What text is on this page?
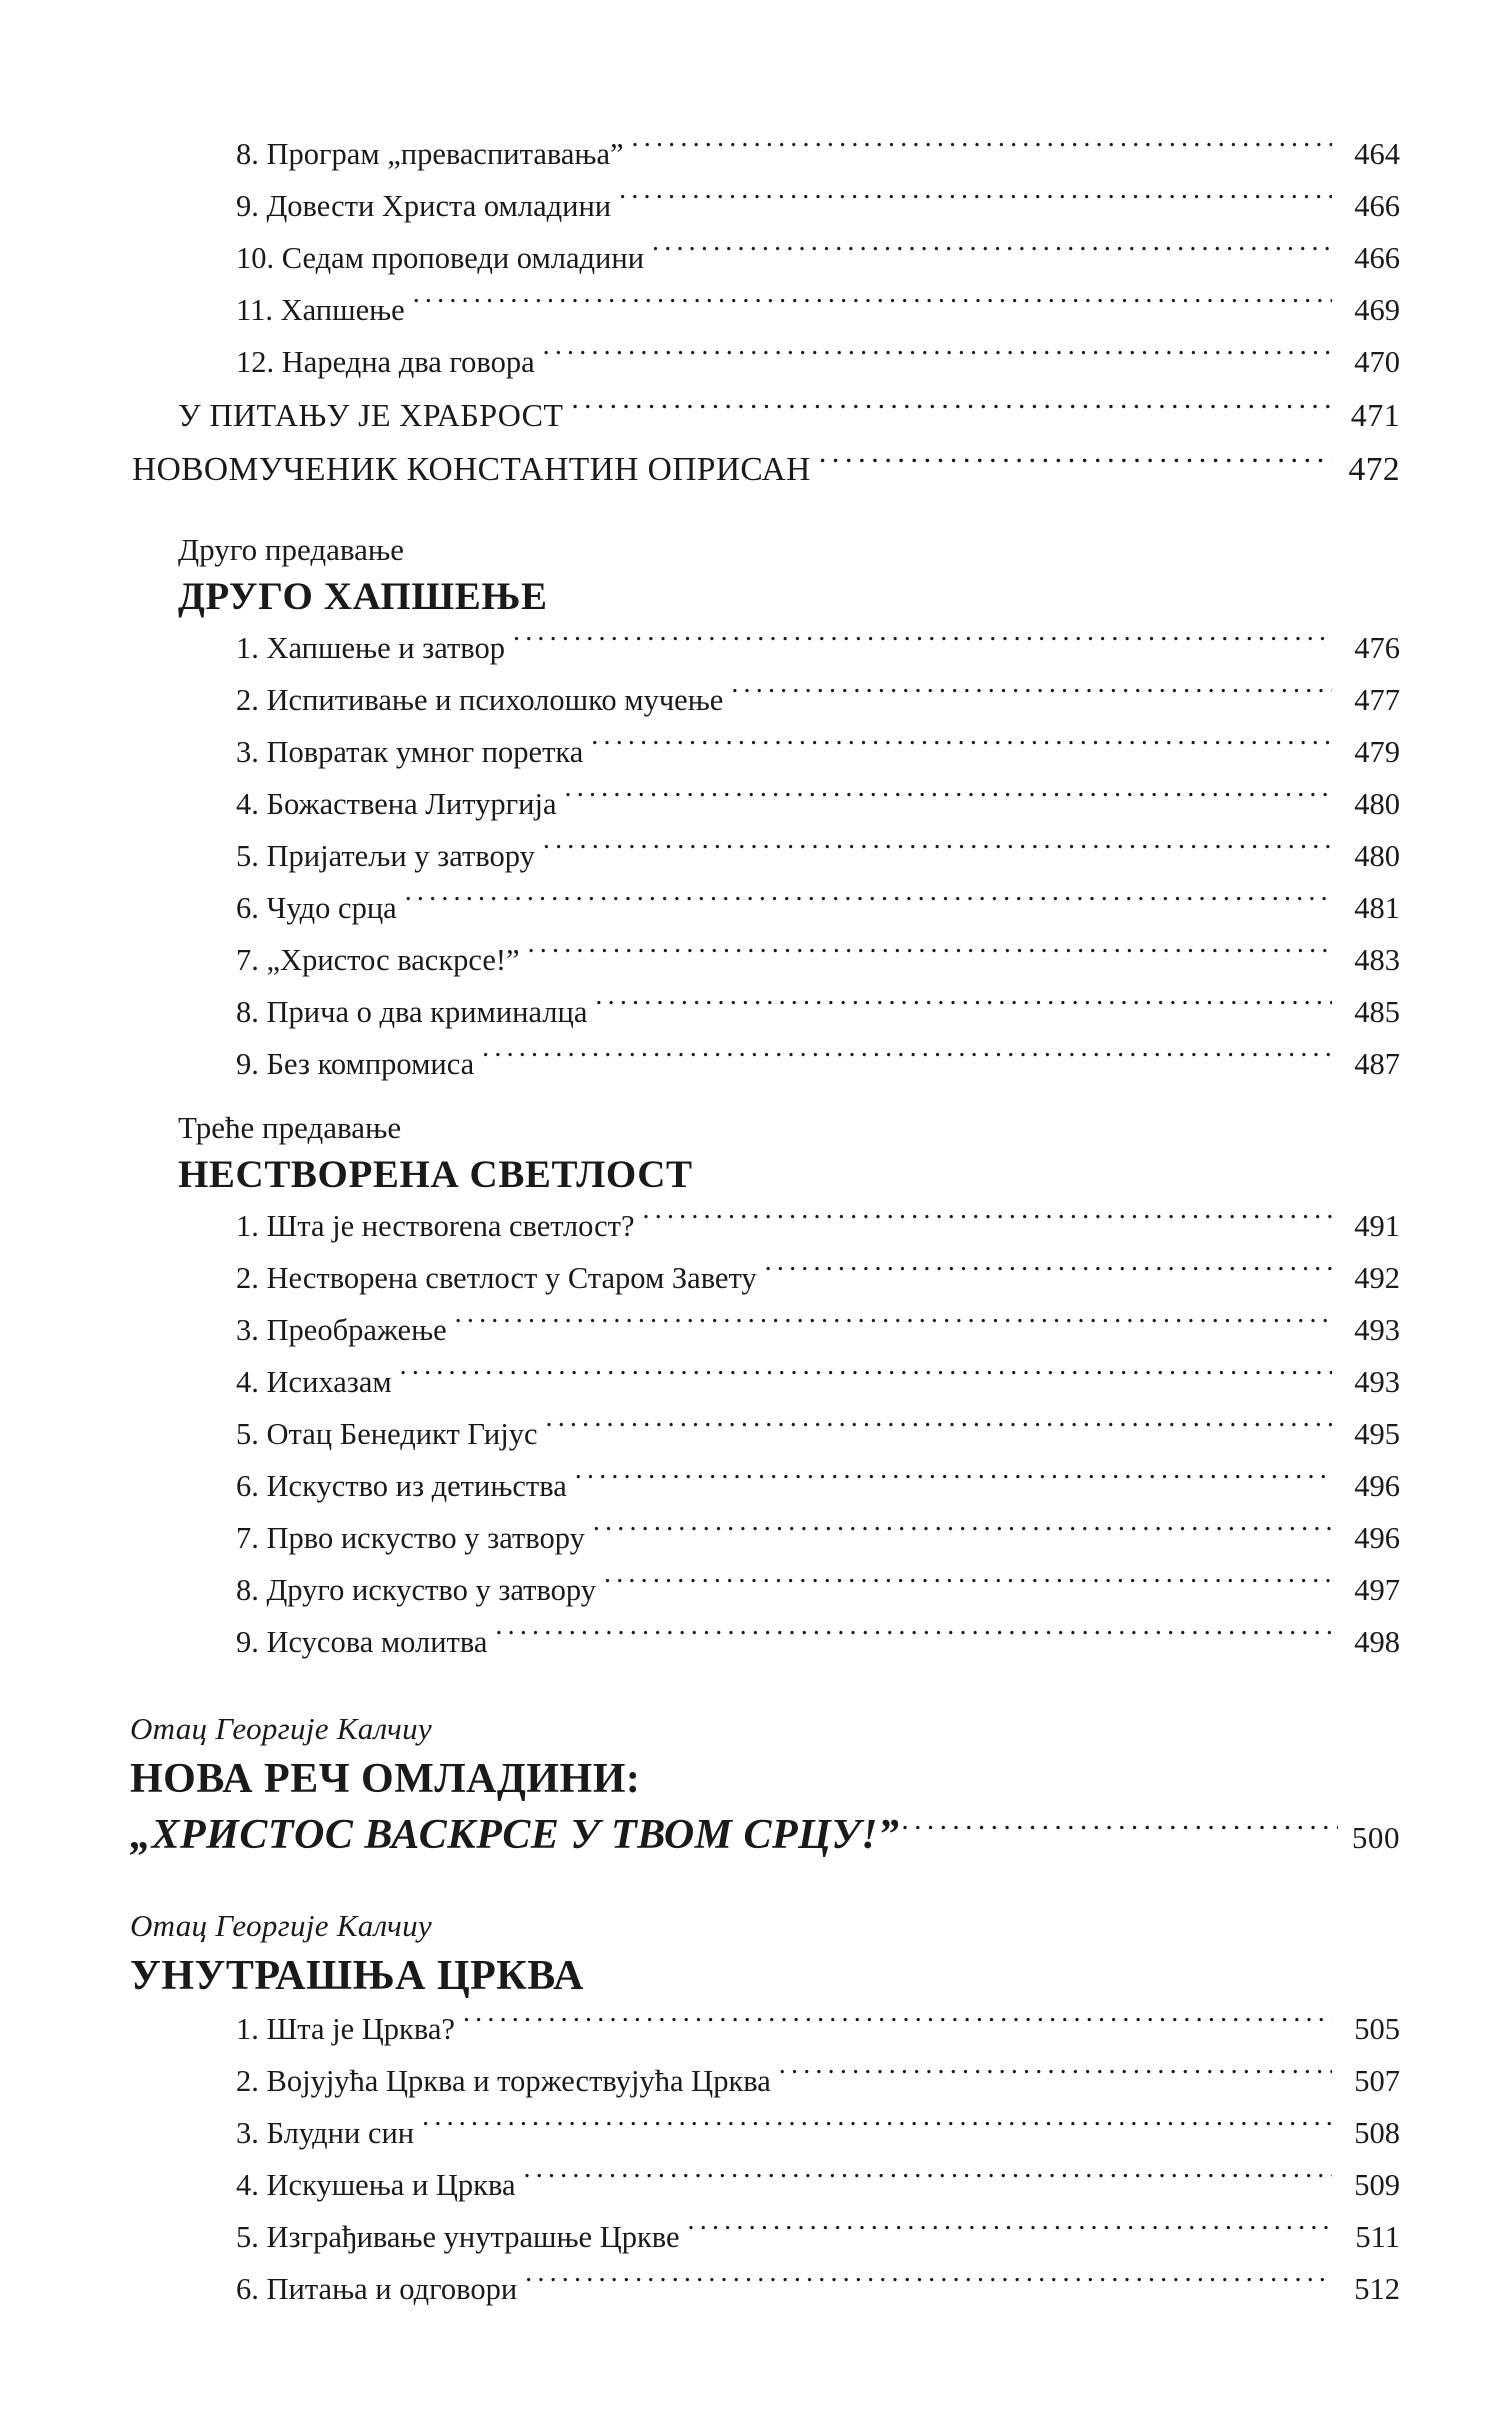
8. Програм „преваспитавања” .....	464
9. Довести Христа омладини .....	466
10. Седам проповеди омладини .....	466
11. Хапшење .....	469
12. Наредна два говора .....	470
У ПИТАЊУ ЈЕ ХРАБРОСТ .....	471
НОВОМУЧЕНИК КОНСТАНТИН ОПРИСАН .....	472
Друго предавање
ДРУГО ХАПШЕЊЕ
1. Хапшење и затвор .....	476
2. Испитивање и психолошко мучење .....	477
3. Повратак умног поретка .....	479
4. Божаствена Литургија .....	480
5. Пријатељи у затвору .....	480
6. Чудо срца .....	481
7. „Христос васкрсе!” .....	483
8. Прича о два криминалца .....	485
9. Без компромиса .....	487
Треће предавање
НЕСТВОРЕНА СВЕТЛОСТ
1. Шта је нествorena светлост? .....	491
2. Нестворена светлост у Старом Завету .....	492
3. Преображење .....	493
4. Исихазам .....	493
5. Отац Бенедикт Гијус .....	495
6. Искуство из детињства .....	496
7. Прво искуство у затвору .....	496
8. Друго искуство у затвору .....	497
9. Исусова молитва .....	498
Отац Георгије Калчиу
НОВА РЕЧ ОМЛАДИНИ:
„ХРИСТОС ВАСКРСЕ У ТВОМ СРЦУ!” .....	500
Отац Георгије Калчиу
УНУТРАШЊА ЦРКВА
1. Шта је Црква? .....	505
2. Војујућа Црква и торжествујућа Црква .....	507
3. Блудни син .....	508
4. Искушења и Црква .....	509
5. Изграђивање унутрашње Цркве .....	511
6. Питања и одговори .....	512
